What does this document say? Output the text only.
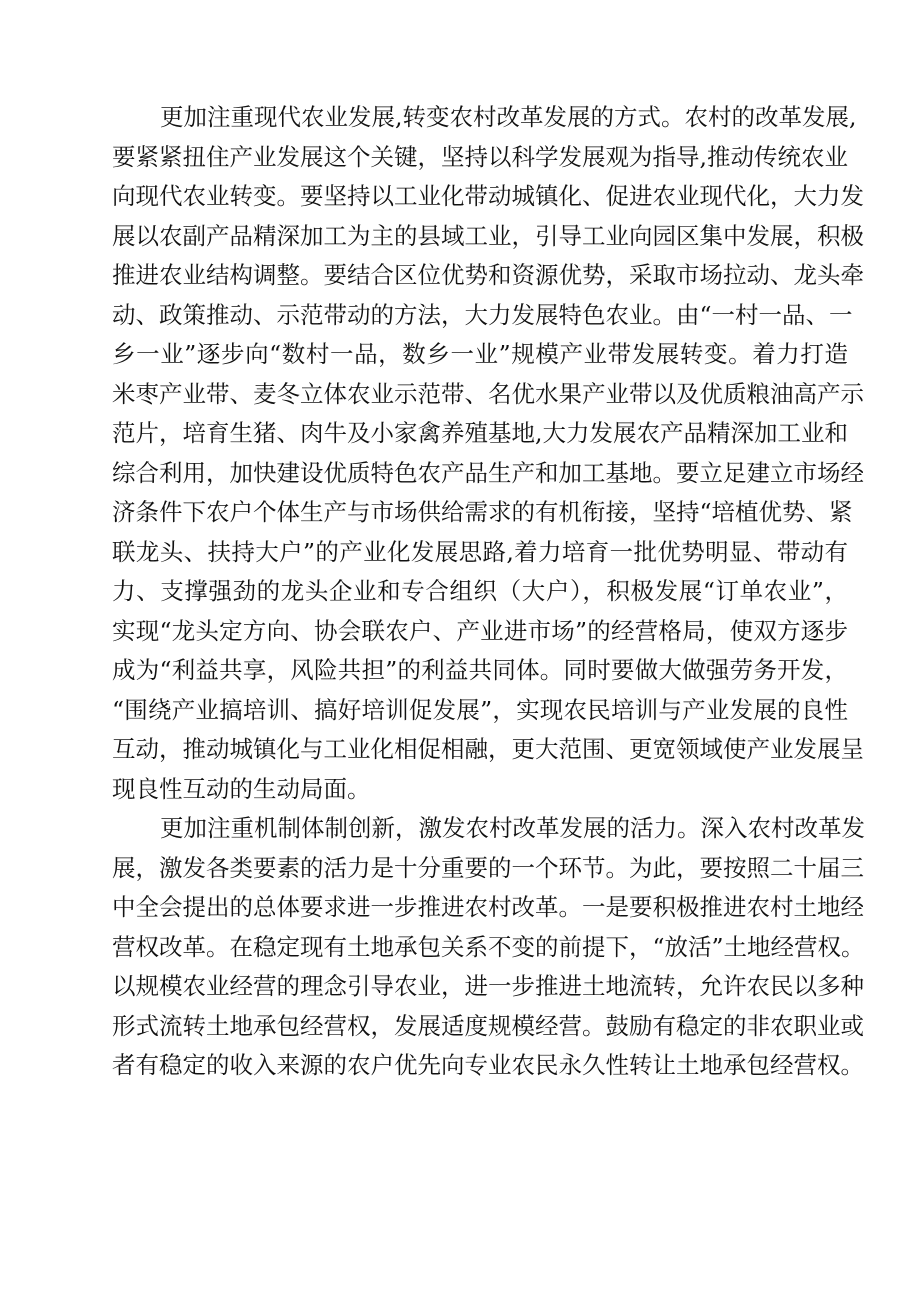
更加注重现代农业发展,转变农村改革发展的方式。农村的改革发展,
要紧紧扭住产业发展这个关键，坚持以科学发展观为指导,推动传统农业
向现代农业转变。要坚持以工业化带动城镇化、促进农业现代化，大力发
展以农副产品精深加工为主的县域工业，引导工业向园区集中发展，积极
推进农业结构调整。要结合区位优势和资源优势，采取市场拉动、龙头牵
动、政策推动、示范带动的方法，大力发展特色农业。由“一村一品、一
乡一业”逐步向“数村一品，数乡一业”规模产业带发展转变。着力打造
米枣产业带、麦冬立体农业示范带、名优水果产业带以及优质粮油高产示
范片，培育生猪、肉牛及小家禽养殖基地,大力发展农产品精深加工业和
综合利用，加快建设优质特色农产品生产和加工基地。要立足建立市场经
济条件下农户个体生产与市场供给需求的有机衔接，坚持“培植优势、紧
联龙头、扶持大户”的产业化发展思路,着力培育一批优势明显、带动有
力、支撑强劲的龙头企业和专合组织（大户），积极发展“订单农业”，
实现“龙头定方向、协会联农户、产业进市场”的经营格局，使双方逐步
成为“利益共享，风险共担”的利益共同体。同时要做大做强劳务开发，
“围绕产业搞培训、搞好培训促发展”，实现农民培训与产业发展的良性
互动，推动城镇化与工业化相促相融，更大范围、更宽领域使产业发展呈
现良性互动的生动局面。
更加注重机制体制创新，激发农村改革发展的活力。深入农村改革发
展，激发各类要素的活力是十分重要的一个环节。为此，要按照二十届三
中全会提出的总体要求进一步推进农村改革。一是要积极推进农村土地经
营权改革。在稳定现有土地承包关系不变的前提下，“放活”土地经营权。
以规模农业经营的理念引导农业，进一步推进土地流转，允许农民以多种
形式流转土地承包经营权，发展适度规模经营。鼓励有稳定的非农职业或
者有稳定的收入来源的农户优先向专业农民永久性转让土地承包经营权。
